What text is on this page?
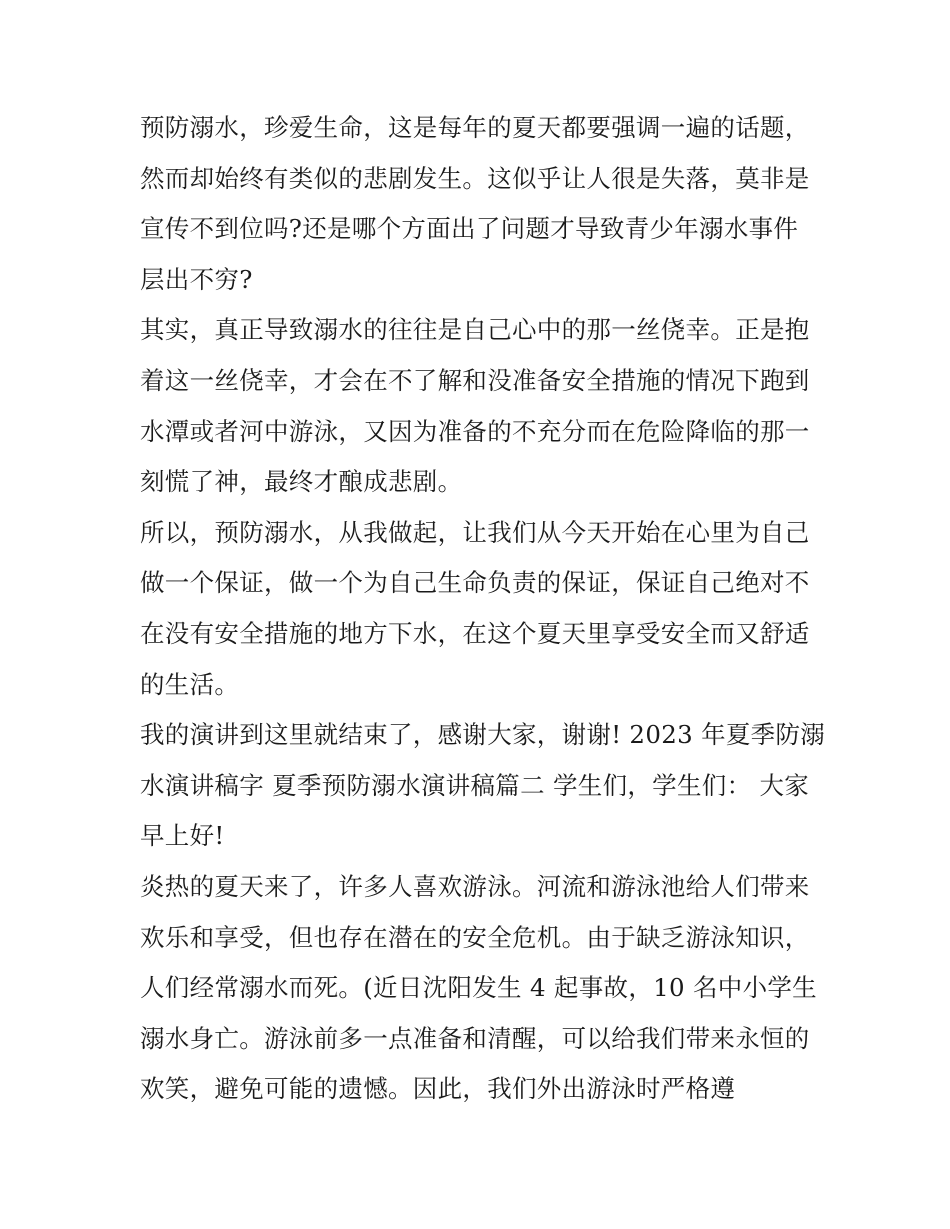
预防溺水，珍爱生命，这是每年的夏天都要强调一遍的话题，
然而却始终有类似的悲剧发生。这似乎让人很是失落，莫非是
宣传不到位吗?还是哪个方面出了问题才导致青少年溺水事件
层出不穷?
其实，真正导致溺水的往往是自己心中的那一丝侥幸。正是抱
着这一丝侥幸，才会在不了解和没准备安全措施的情况下跑到
水潭或者河中游泳，又因为准备的不充分而在危险降临的那一
刻慌了神，最终才酿成悲剧。
所以，预防溺水，从我做起，让我们从今天开始在心里为自己
做一个保证，做一个为自己生命负责的保证，保证自己绝对不
在没有安全措施的地方下水，在这个夏天里享受安全而又舒适
的生活。
我的演讲到这里就结束了，感谢大家，谢谢! 2023 年夏季防溺
水演讲稿字 夏季预防溺水演讲稿篇二 学生们，学生们： 大家
早上好!
炎热的夏天来了，许多人喜欢游泳。河流和游泳池给人们带来
欢乐和享受，但也存在潜在的安全危机。由于缺乏游泳知识，
人们经常溺水而死。(近日沈阳发生 4 起事故，10 名中小学生
溺水身亡。游泳前多一点准备和清醒，可以给我们带来永恒的
欢笑，避免可能的遗憾。因此，我们外出游泳时严格遵
